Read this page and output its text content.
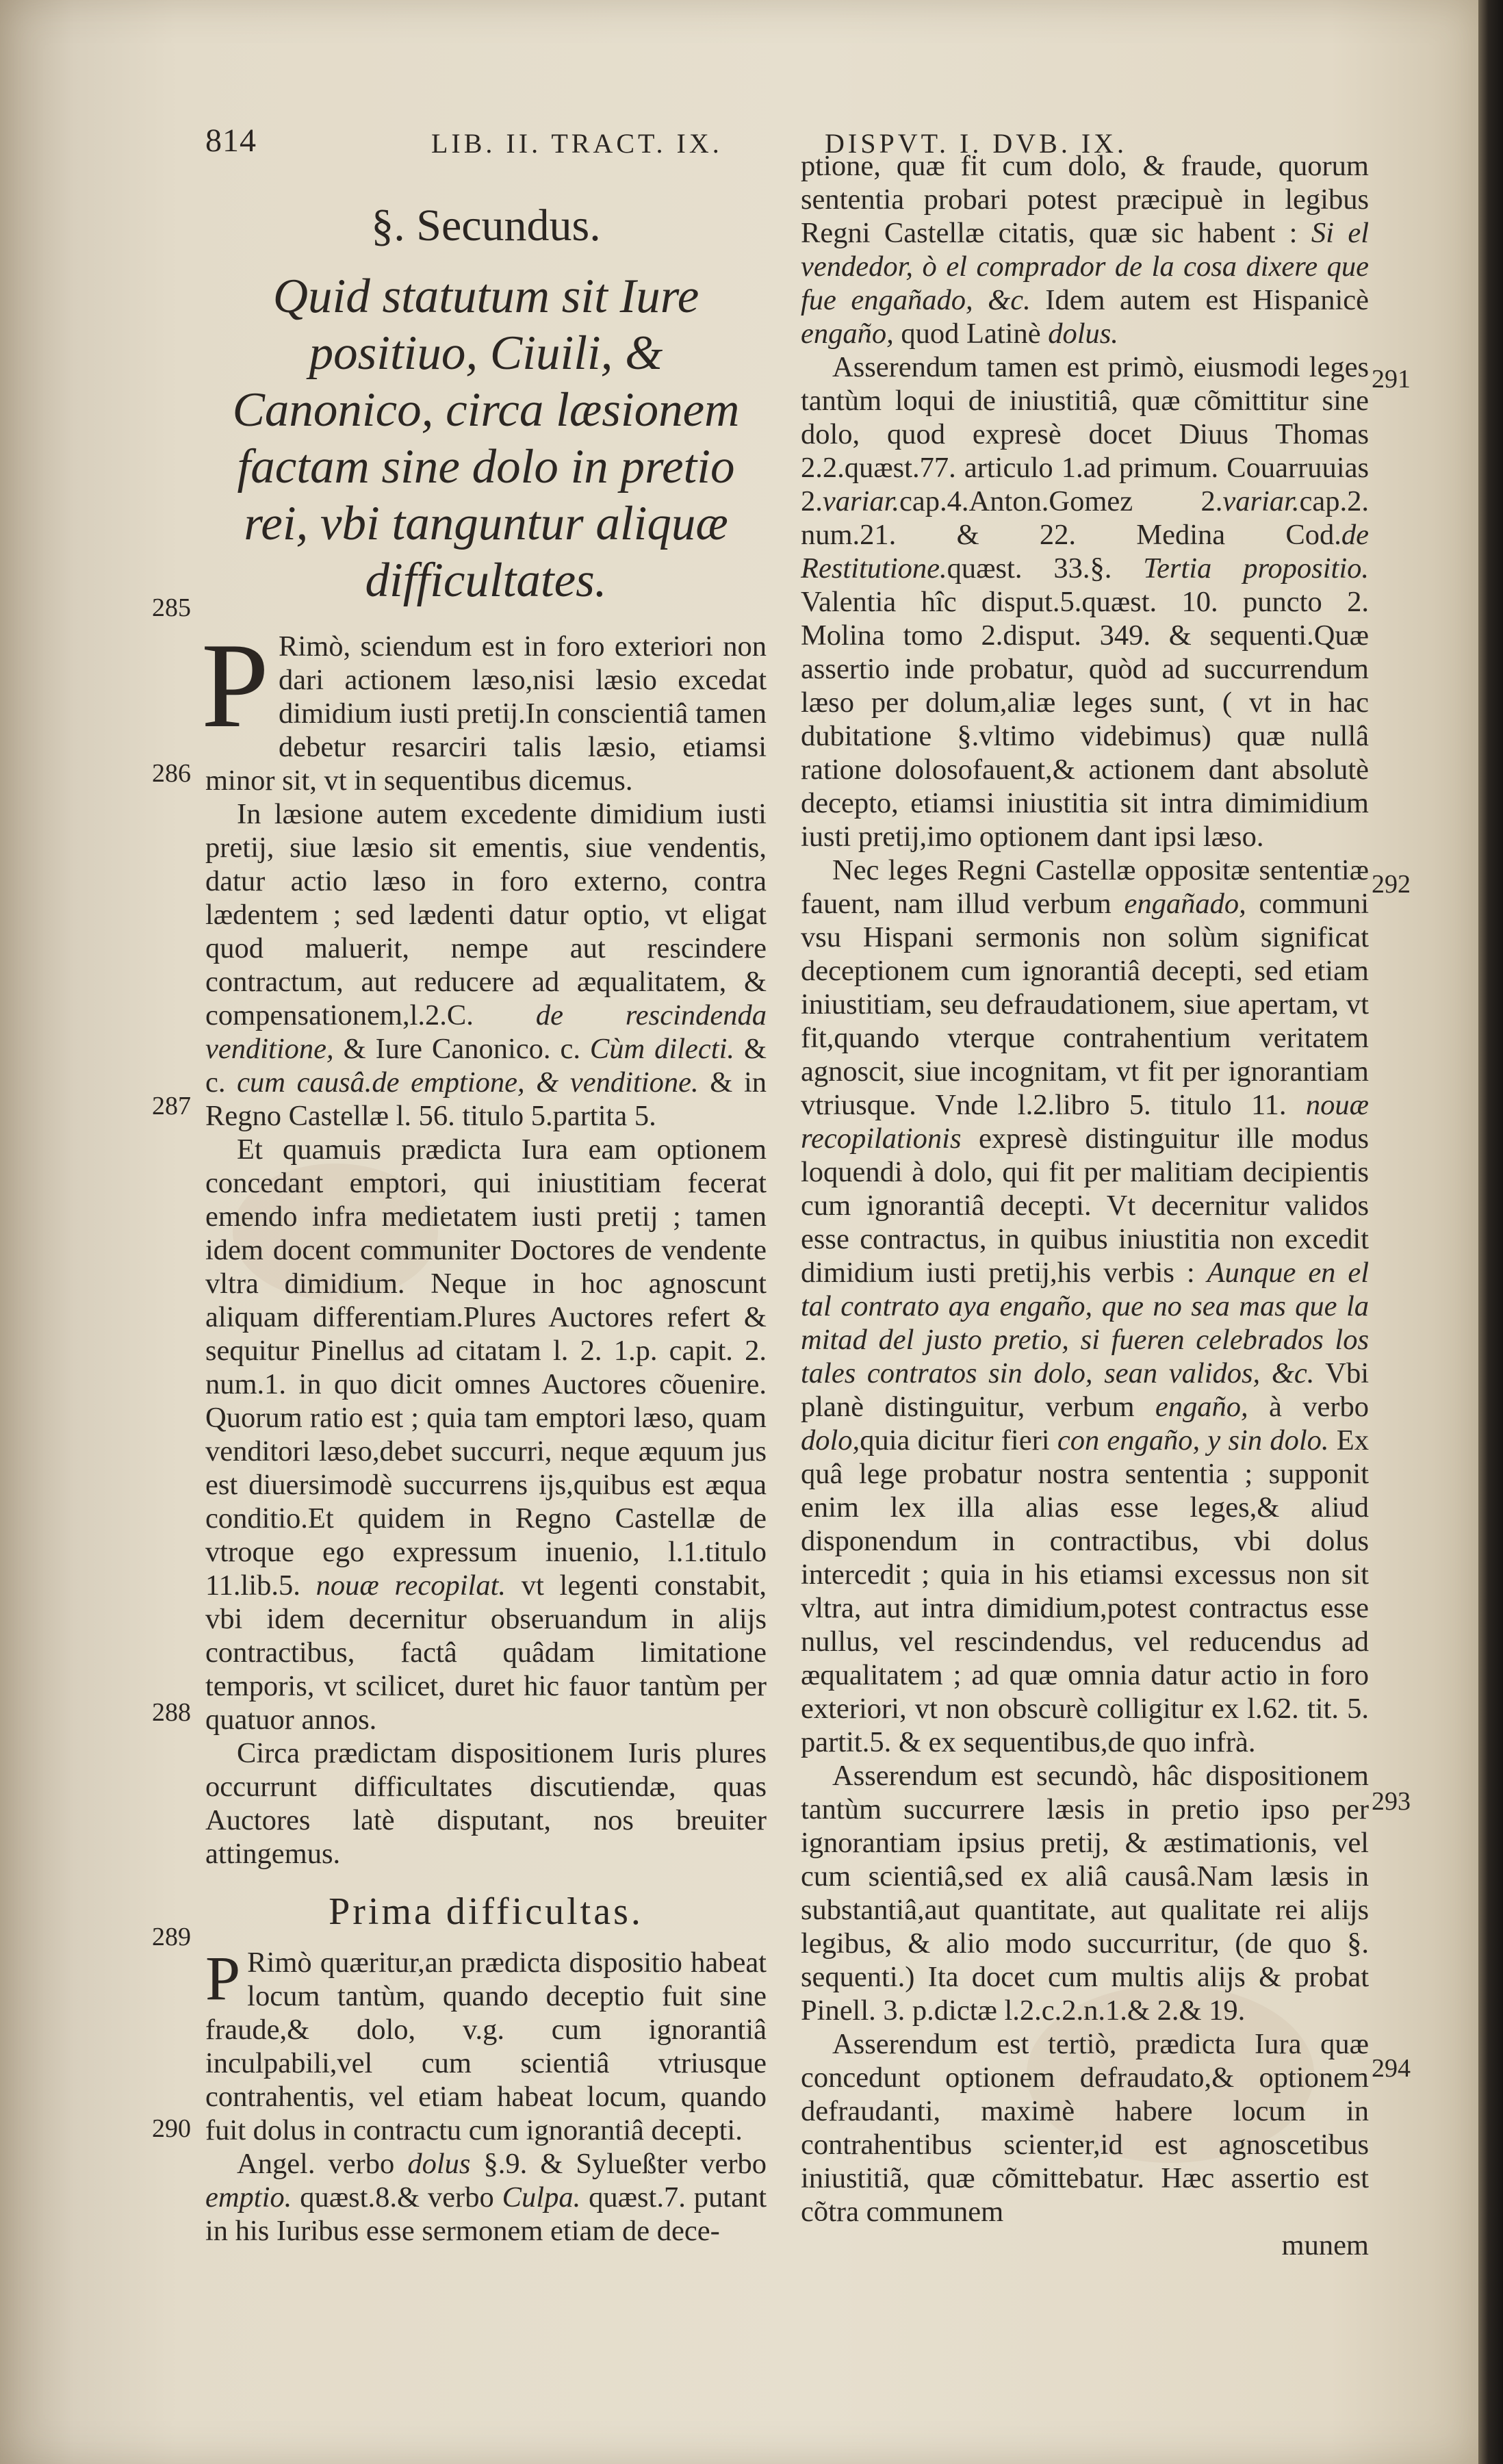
814	LIB. II. TRACT. IX.	DISPVT. I. DVB. IX.
§. Secundus.
Quid statutum sit Iure positiuo, Ciuili, & Canonico, circa læsionem factam sine dolo in pretio rei, vbi tanguntur aliquæ difficultates.

P Rimò, sciendum est in foro exteriori non dari actionem læso,nisi læsio excedat dimidium iusti pretij.In conscientiâ tamen debetur resarciri talis læsio, etiamsi minor sit, vt in sequentibus dicemus.

In læsione autem excedente dimidium iusti pretij, siue læsio sit ementis, siue vendentis, datur actio læso in foro externo, contra lædentem ; sed lædenti datur optio, vt eligat quod maluerit, nempe aut rescindere contractum, aut reducere ad æqualitatem, & compensationem,l.2.C. de rescindenda venditione, & Iure Canonico. c. Cùm dilecti. & c. cum causâ.de emptione, & venditione. & in Regno Castellæ l. 56. titulo 5.partita 5.

Et quamuis prædicta Iura eam optionem concedant emptori, qui iniustitiam fecerat emendo infra medietatem iusti pretij ; tamen idem docent communiter Doctores de vendente vltra dimidium. Neque in hoc agnoscunt aliquam differentiam.Plures Auctores refert & sequitur Pinellus ad citatam l. 2. 1.p. capit. 2. num.1. in quo dicit omnes Auctores cõuenire. Quorum ratio est ; quia tam emptori læso, quam venditori læso,debet succurri, neque æquum jus est diuersimodè succurrens ijs,quibus est æqua conditio.Et quidem in Regno Castellæ de vtroque ego expressum inuenio, l.1.titulo 11.lib.5. nouæ recopilat. vt legenti constabit, vbi idem decernitur obseruandum in alijs contractibus, factâ quâdam limitatione temporis, vt scilicet, duret hic fauor tantùm per quatuor annos.

Circa prædictam dispositionem Iuris plures occurrunt difficultates discutiendæ, quas Auctores latè disputant, nos breuiter attingemus.

Prima difficultas.

P Rimò quæritur,an prædicta dispositio habeat locum tantùm, quando deceptio fuit sine fraude,& dolo, v.g. cum ignorantiâ inculpabili,vel cum scientiâ vtriusque contrahentis, vel etiam habeat locum, quando fuit dolus in contractu cum ignorantiâ decepti.

Angel. verbo dolus §.9. & Sylueßter verbo emptio. quæst.8.& verbo Culpa. quæst.7. putant in his Iuribus esse sermonem etiam de dece-

ptione, quæ fit cum dolo, & fraude, quorum sententia probari potest præcipuè in legibus Regni Castellæ citatis, quæ sic habent : Si el vendedor, ò el comprador de la cosa dixere que fue engañado, &c. Idem autem est Hispanicè engaño, quod Latinè dolus.

Asserendum tamen est primò, eiusmodi leges tantùm loqui de iniustitiâ, quæ cõmittitur sine dolo, quod expresè docet Diuus Thomas 2.2.quæst.77. articulo 1.ad primum. Couarruuias 2.variar.cap.4.Anton.Gomez 2.variar.cap.2. num.21. & 22. Medina Cod.de Restitutione.quæst. 33.§. Tertia propositio. Valentia hîc disput.5.quæst. 10. puncto 2. Molina tomo 2.disput. 349. & sequenti.Quæ assertio inde probatur, quòd ad succurrendum læso per dolum,aliæ leges sunt, ( vt in hac dubitatione §.vltimo videbimus) quæ nullâ ratione dolosofauent,& actionem dant absolutè decepto, etiamsi iniustitia sit intra dimimidium iusti pretij,imo optionem dant ipsi læso.

Nec leges Regni Castellæ oppositæ sententiæ fauent, nam illud verbum engañado, communi vsu Hispani sermonis non solùm significat deceptionem cum ignorantiâ decepti, sed etiam iniustitiam, seu defraudationem, siue apertam, vt fit,quando vterque contrahentium veritatem agnoscit, siue incognitam, vt fit per ignorantiam vtriusque. Vnde l.2.libro 5. titulo 11. nouæ recopilationis expresè distinguitur ille modus loquendi à dolo, qui fit per malitiam decipientis cum ignorantiâ decepti. Vt decernitur validos esse contractus, in quibus iniustitia non excedit dimidium iusti pretij,his verbis : Aunque en el tal contrato aya engaño, que no sea mas que la mitad del justo pretio, si fueren celebrados los tales contratos sin dolo, sean validos, &c. Vbi planè distinguitur, verbum engaño, à verbo dolo,quia dicitur fieri con engaño, y sin dolo. Ex quâ lege probatur nostra sententia ; supponit enim lex illa alias esse leges,& aliud disponendum in contractibus, vbi dolus intercedit ; quia in his etiamsi excessus non sit vltra, aut intra dimidium,potest contractus esse nullus, vel rescindendus, vel reducendus ad æqualitatem ; ad quæ omnia datur actio in foro exteriori, vt non obscurè colligitur ex l.62. tit. 5. partit.5. & ex sequentibus,de quo infrà.

Asserendum est secundò, hâc dispositionem tantùm succurrere læsis in pretio ipso per ignorantiam ipsius pretij, & æstimationis, vel cum scientiâ,sed ex aliâ causâ.Nam læsis in substantiâ,aut quantitate, aut qualitate rei alijs legibus, & alio modo succurritur, (de quo §. sequenti.) Ita docet cum multis alijs & probat Pinell. 3. p.dictæ l.2.c.2.n.1.& 2.& 19.

Asserendum est tertiò, prædicta Iura quæ concedunt optionem defraudato,& optionem defraudanti, maximè habere locum in contrahentibus scienter,id est agnoscetibus iniustitiã, quæ cõmittebatur. Hæc assertio est cõtra communem

munem

285
286
287
288
289
290
291
292
293
294
